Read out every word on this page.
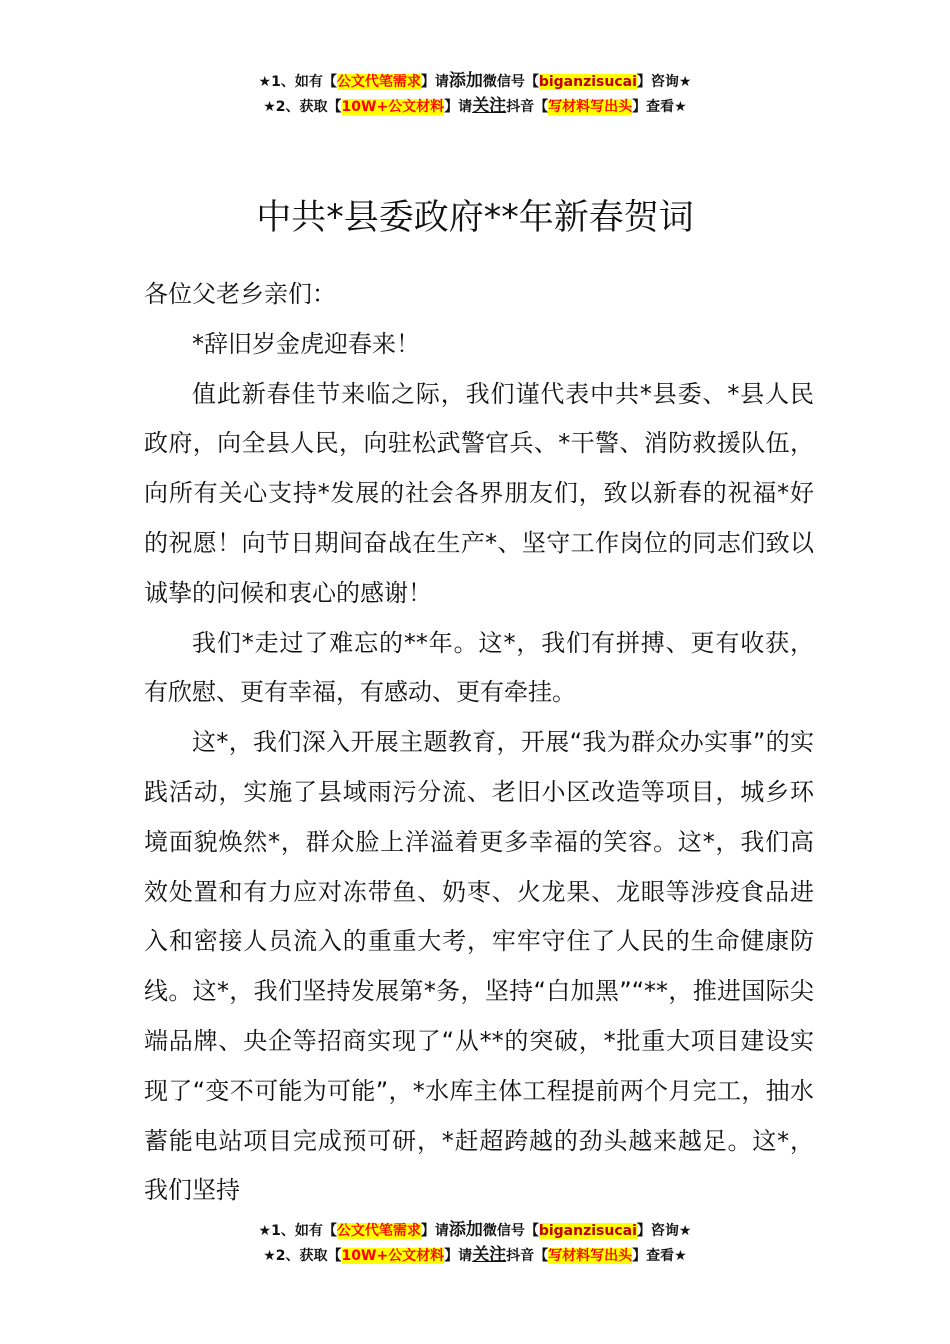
★1、如有【公文代笔需求】请添加微信号【biganzisucai】咨询★
★2、获取【10W+公文材料】请关注抖音【写材料写出头】查看★
中共*县委政府**年新春贺词

各位父老乡亲们：

*辞旧岁金虎迎春来！

值此新春佳节来临之际，我们谨代表中共*县委、*县人民政府，向全县人民，向驻松武警官兵、*干警、消防救援队伍，向所有关心支持*发展的社会各界朋友们，致以新春的祝福*好的祝愿！向节日期间奋战在生产*、坚守工作岗位的同志们致以诚挚的问候和衷心的感谢！

我们*走过了难忘的**年。这*，我们有拼搏、更有收获，有欣慰、更有幸福，有感动、更有牵挂。

这*，我们深入开展主题教育，开展“我为群众办实事”的实践活动，实施了县域雨污分流、老旧小区改造等项目，城乡环境面貌焕然*，群众脸上洋溢着更多幸福的笑容。这*，我们高效处置和有力应对冻带鱼、奶枣、火龙果、龙眼等涉疫食品进入和密接人员流入的重重大考，牢牢守住了人民的生命健康防线。这*，我们坚持发展第*务，坚持“白加黑”“**，推进国际尖端品牌、央企等招商实现了“从**的突破，*批重大项目建设实现了“变不可能为可能”，*水库主体工程提前两个月完工，抽水蓄能电站项目完成预可研，*赶超跨越的劲头越来越足。这*，我们坚持

★1、如有【公文代笔需求】请添加微信号【biganzisucai】咨询★
★2、获取【10W+公文材料】请关注抖音【写材料写出头】查看★
